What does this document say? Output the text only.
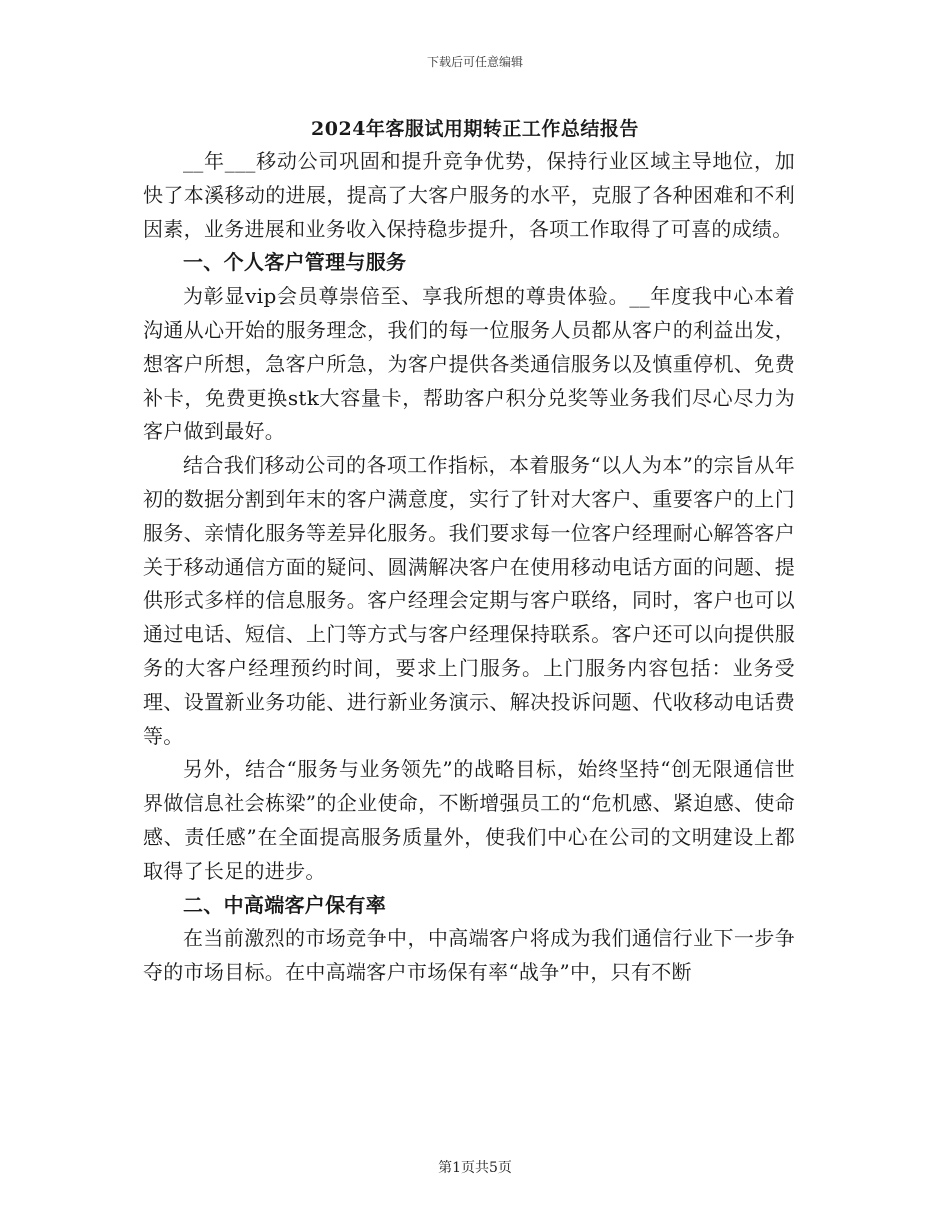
下载后可任意编辑
2024年客服试用期转正工作总结报告

__年___移动公司巩固和提升竞争优势，保持行业区域主导地位，加快了本溪移动的进展，提高了大客户服务的水平，克服了各种困难和不利因素，业务进展和业务收入保持稳步提升，各项工作取得了可喜的成绩。

一、个人客户管理与服务

为彰显vip会员尊崇倍至、享我所想的尊贵体验。__年度我中心本着沟通从心开始的服务理念，我们的每一位服务人员都从客户的利益出发，想客户所想，急客户所急，为客户提供各类通信服务以及慎重停机、免费补卡，免费更换stk大容量卡，帮助客户积分兑奖等业务我们尽心尽力为客户做到最好。

结合我们移动公司的各项工作指标，本着服务“以人为本”的宗旨从年初的数据分割到年末的客户满意度，实行了针对大客户、重要客户的上门服务、亲情化服务等差异化服务。我们要求每一位客户经理耐心解答客户关于移动通信方面的疑问、圆满解决客户在使用移动电话方面的问题、提供形式多样的信息服务。客户经理会定期与客户联络，同时，客户也可以通过电话、短信、上门等方式与客户经理保持联系。客户还可以向提供服务的大客户经理预约时间，要求上门服务。上门服务内容包括：业务受理、设置新业务功能、进行新业务演示、解决投诉问题、代收移动电话费等。

另外，结合“服务与业务领先”的战略目标，始终坚持“创无限通信世界做信息社会栋梁”的企业使命，不断增强员工的“危机感、紧迫感、使命感、责任感”在全面提高服务质量外，使我们中心在公司的文明建设上都取得了长足的进步。

二、中高端客户保有率

在当前激烈的市场竞争中，中高端客户将成为我们通信行业下一步争夺的市场目标。在中高端客户市场保有率“战争”中，只有不断

第1页共5页
